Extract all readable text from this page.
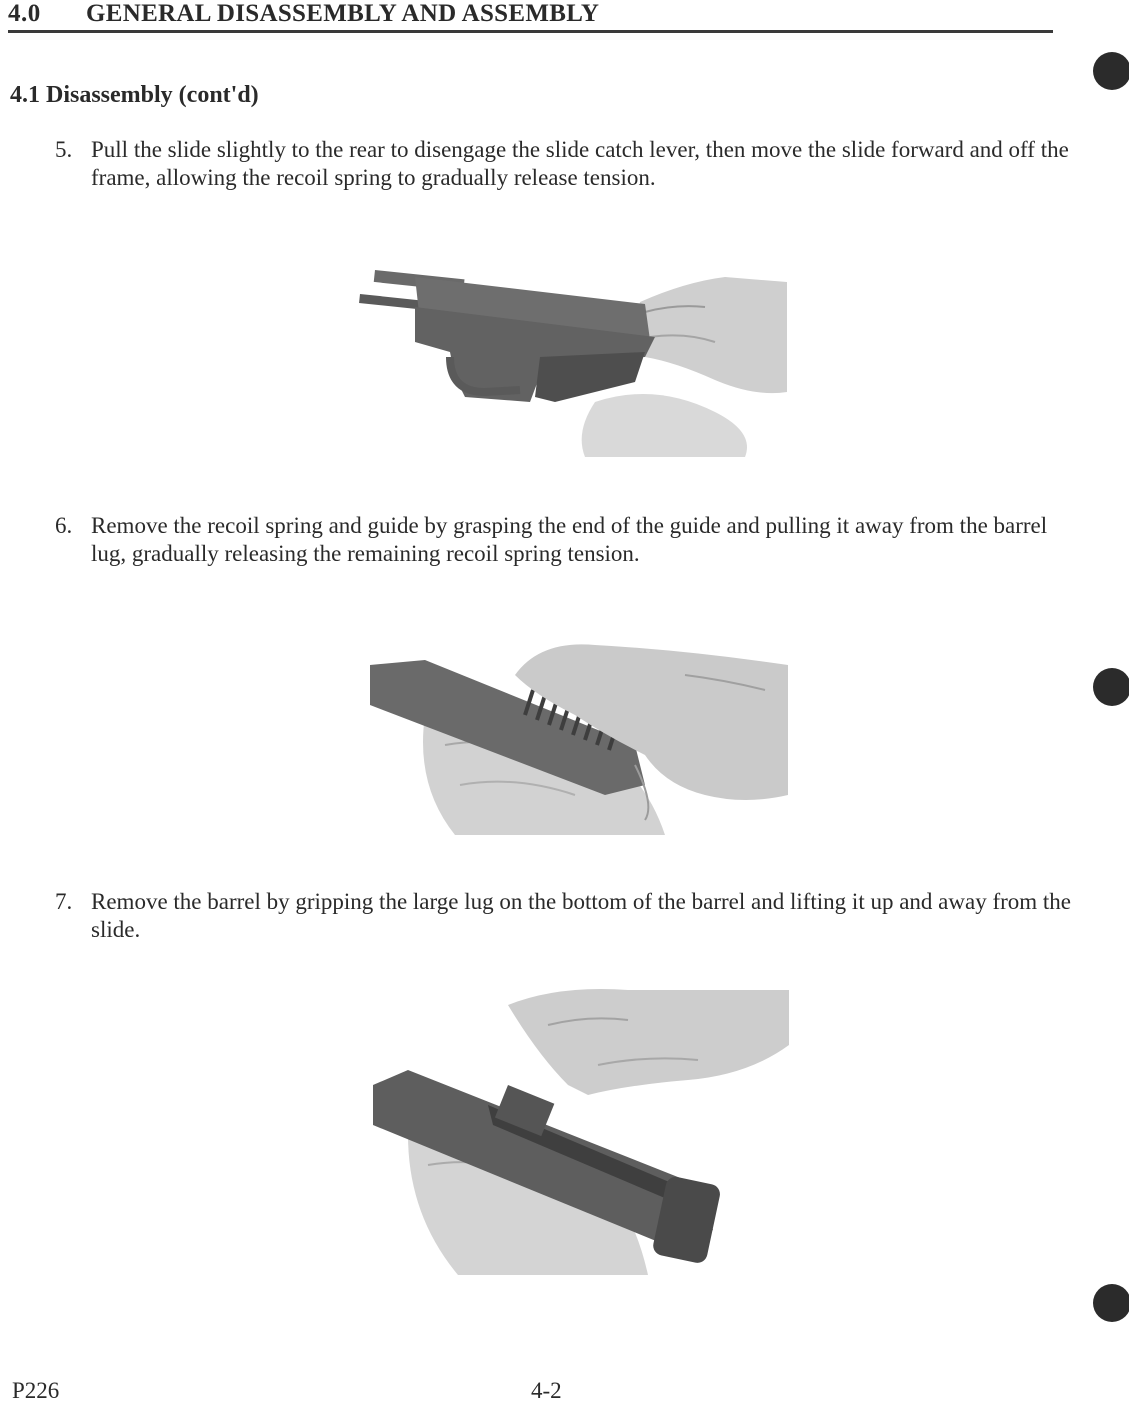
4.0 GENERAL DISASSEMBLY AND ASSEMBLY
4.1 Disassembly (cont'd)
5. Pull the slide slightly to the rear to disengage the slide catch lever, then move the slide forward and off the frame, allowing the recoil spring to gradually release tension.
6. Remove the recoil spring and guide by grasping the end of the guide and pulling it away from the barrel lug, gradually releasing the remaining recoil spring tension.
7. Remove the barrel by gripping the large lug on the bottom of the barrel and lifting it up and away from the slide.
P226	4-2
